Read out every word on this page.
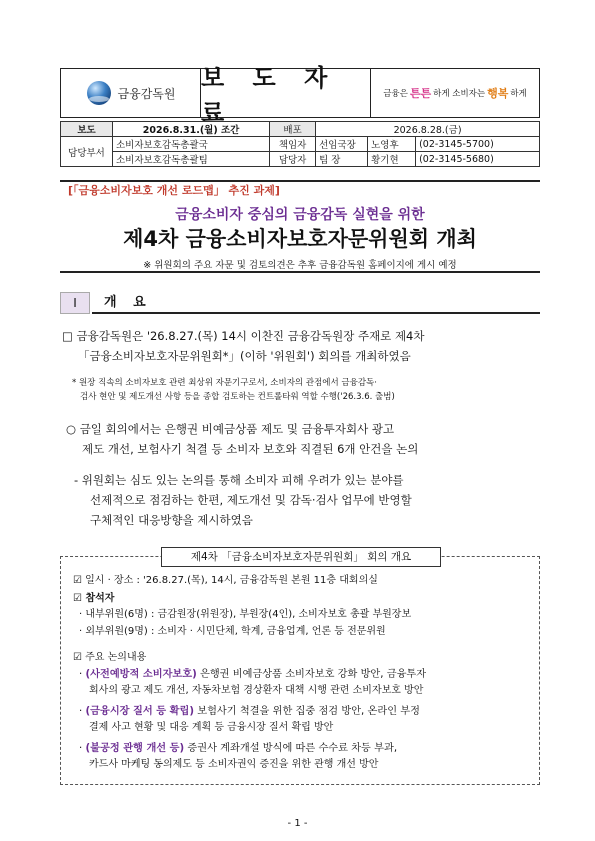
금융감독원
보 도 자 료
금융은 튼튼 하게 소비자는 행복 하게
보도	2026.8.31.(월) 조간	배포	2026.8.28.(금)		
담당부서	소비자보호감독총괄국	책임자	선임국장	노영후	(02-3145-5700)
	소비자보호감독총괄팀	담당자	팀 장	황기현	(02-3145-5680)
[「금융소비자보호 개선 로드맵」 추진 과제]
금융소비자 중심의 금융감독 실현을 위한
제4차 금융소비자보호자문위원회 개최
※ 위원회의 주요 자문 및 검토의견은 추후 금융감독원 홈페이지에 게시 예정
Ⅰ	개 요
□ 금융감독원은 '26.8.27.(목) 14시 이찬진 금융감독원장 주재로 제4차
「금융소비자보호자문위원회*」(이하 '위원회') 회의를 개최하였음
* 원장 직속의 소비자보호 관련 최상위 자문기구로서, 소비자의 관점에서 금융감독·
검사 현안 및 제도개선 사항 등을 종합 검토하는 컨트롤타워 역할 수행('26.3.6. 출범)
○ 금일 회의에서는 은행권 비예금상품 제도 및 금융투자회사 광고
제도 개선, 보험사기 척결 등 소비자 보호와 직결된 6개 안건을 논의
- 위원회는 심도 있는 논의를 통해 소비자 피해 우려가 있는 분야를
선제적으로 점검하는 한편, 제도개선 및 감독·검사 업무에 반영할
구체적인 대응방향을 제시하였음
제4차 「금융소비자보호자문위원회」 회의 개요
☑ 일시 · 장소 : '26.8.27.(목), 14시, 금융감독원 본원 11층 대회의실
☑ 참석자
· 내부위원(6명) : 금감원장(위원장), 부원장(4인), 소비자보호 총괄 부원장보
· 외부위원(9명) : 소비자 · 시민단체, 학계, 금융업계, 언론 등 전문위원
☑ 주요 논의내용
· (사전예방적 소비자보호) 은행권 비예금상품 소비자보호 강화 방안, 금융투자
회사의 광고 제도 개선, 자동차보험 경상환자 대책 시행 관련 소비자보호 방안
· (금융시장 질서 등 확립) 보험사기 척결을 위한 집중 점검 방안, 온라인 부정
결제 사고 현황 및 대응 계획 등 금융시장 질서 확립 방안
· (불공정 관행 개선 등) 증권사 계좌개설 방식에 따른 수수료 차등 부과,
카드사 마케팅 동의제도 등 소비자권익 증진을 위한 관행 개선 방안
- 1 -
